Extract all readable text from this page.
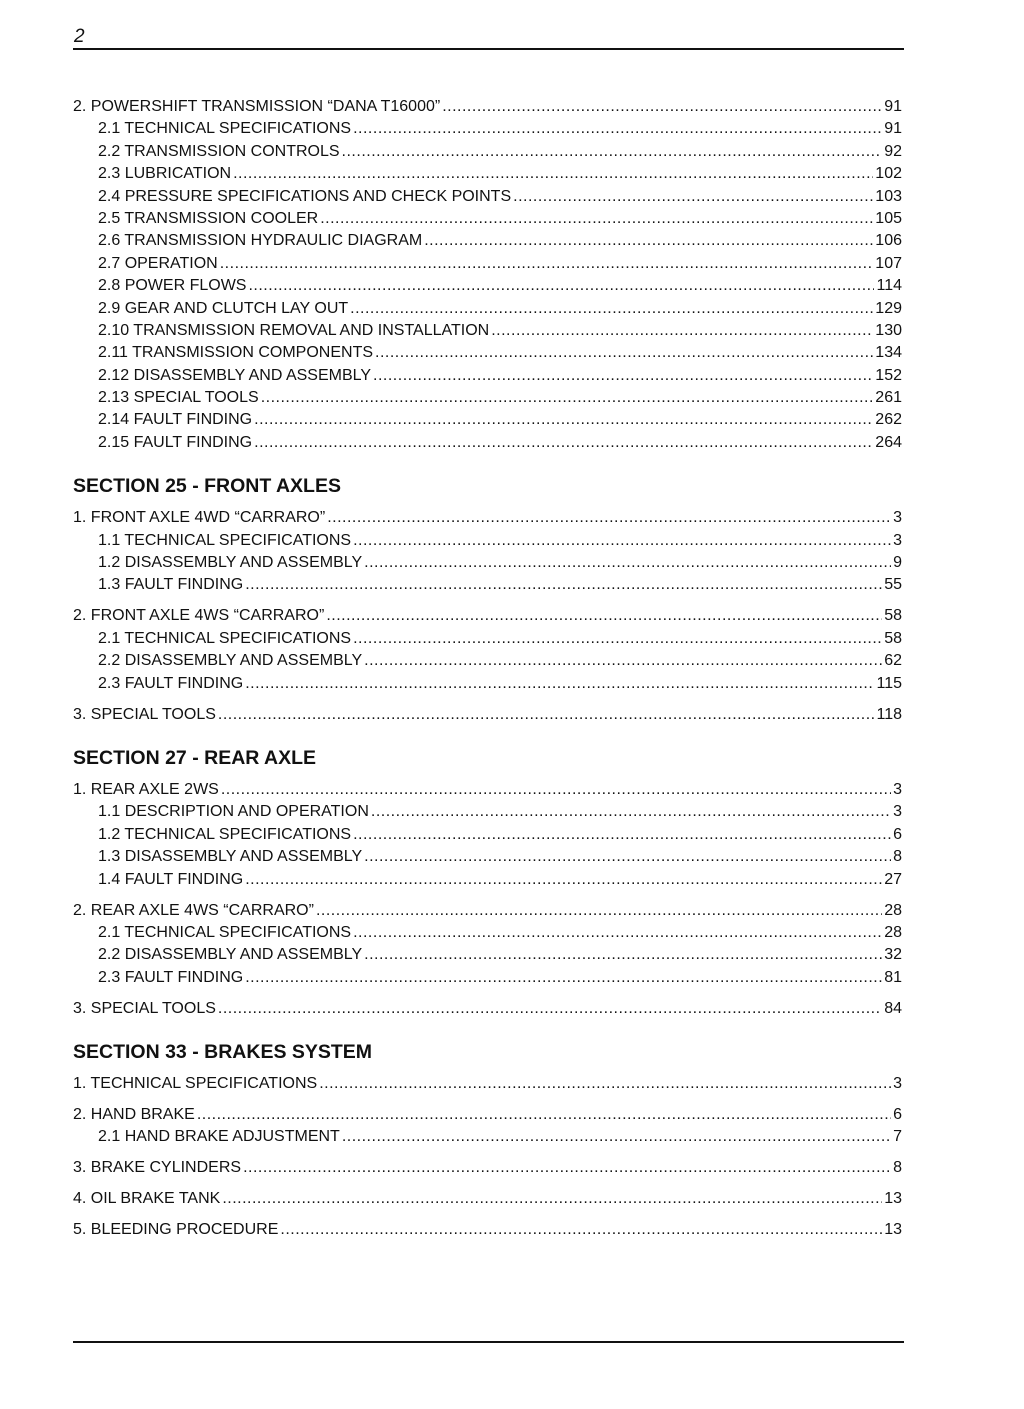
2
2. POWERSHIFT TRANSMISSION “DANA T16000” .....	91
2.1 TECHNICAL SPECIFICATIONS .....	91
2.2 TRANSMISSION CONTROLS .....	92
2.3 LUBRICATION .....	102
2.4 PRESSURE SPECIFICATIONS AND CHECK POINTS .....	103
2.5 TRANSMISSION COOLER .....	105
2.6 TRANSMISSION HYDRAULIC DIAGRAM .....	106
2.7 OPERATION .....	107
2.8 POWER FLOWS .....	114
2.9 GEAR AND CLUTCH LAY OUT .....	129
2.10 TRANSMISSION REMOVAL AND INSTALLATION .....	130
2.11 TRANSMISSION COMPONENTS .....	134
2.12 DISASSEMBLY AND ASSEMBLY .....	152
2.13 SPECIAL TOOLS .....	261
2.14 FAULT FINDING .....	262
2.15 FAULT FINDING .....	264
SECTION 25 - FRONT AXLES
1. FRONT AXLE 4WD “CARRARO” .....	3
1.1 TECHNICAL SPECIFICATIONS .....	3
1.2 DISASSEMBLY AND ASSEMBLY .....	9
1.3 FAULT FINDING .....	55
2. FRONT AXLE 4WS “CARRARO” .....	58
2.1 TECHNICAL SPECIFICATIONS .....	58
2.2 DISASSEMBLY AND ASSEMBLY .....	62
2.3 FAULT FINDING .....	115
3. SPECIAL TOOLS .....	118
SECTION 27 - REAR AXLE
1. REAR AXLE 2WS .....	3
1.1 DESCRIPTION AND OPERATION .....	3
1.2 TECHNICAL SPECIFICATIONS .....	6
1.3 DISASSEMBLY AND ASSEMBLY .....	8
1.4 FAULT FINDING .....	27
2. REAR AXLE 4WS “CARRARO” .....	28
2.1 TECHNICAL SPECIFICATIONS .....	28
2.2 DISASSEMBLY AND ASSEMBLY .....	32
2.3 FAULT FINDING .....	81
3. SPECIAL TOOLS .....	84
SECTION 33 - BRAKES SYSTEM
1. TECHNICAL SPECIFICATIONS .....	3
2. HAND BRAKE .....	6
2.1 HAND BRAKE ADJUSTMENT .....	7
3. BRAKE CYLINDERS .....	8
4. OIL BRAKE TANK .....	13
5. BLEEDING PROCEDURE .....	13
